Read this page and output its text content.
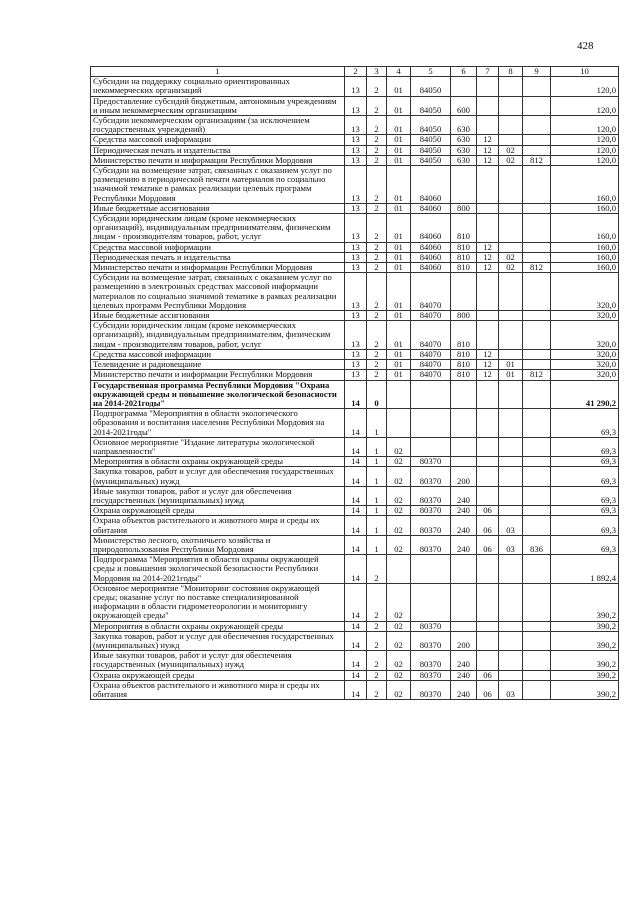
428
1	2	3	4	5	6	7	8	9	10
Субсидии на поддержку социально ориентированных некоммерческих организаций	13	2	01	84050					120,0
Предоставление субсидий бюджетным, автономным учреждениям и иным некоммерческим организациям	13	2	01	84050	600				120,0
Субсидии некоммерческим организациям (за исключением государственных учреждений)	13	2	01	84050	630				120,0
Средства массовой информации	13	2	01	84050	630	12			120,0
Периодическая печать и издательства	13	2	01	84050	630	12	02		120,0
Министерство печати и информации Республики Мордовия	13	2	01	84050	630	12	02	812	120,0
Субсидии на возмещение затрат, связанных с оказанием услуг по размещению в периодической печати материалов по социально значимой тематике в рамках реализации целевых программ Республики Мордовия	13	2	01	84060					160,0
Иные бюджетные ассигнования	13	2	01	84060	800				160,0
Субсидии юридическим лицам (кроме некоммерческих организаций), индивидуальным предпринимателям, физическим лицам - производителям товаров, работ, услуг	13	2	01	84060	810				160,0
Средства массовой информации	13	2	01	84060	810	12			160,0
Периодическая печать и издательства	13	2	01	84060	810	12	02		160,0
Министерство печати и информации Республики Мордовия	13	2	01	84060	810	12	02	812	160,0
Субсидии на возмещение затрат, связанных с оказанием услуг по размещению в электронных средствах массовой информации материалов по социально значимой тематике в рамках реализации целевых программ Республики Мордовия	13	2	01	84070					320,0
Иные бюджетные ассигнования	13	2	01	84070	800				320,0
Субсидии юридическим лицам (кроме некоммерческих организаций), индивидуальным предпринимателям, физическим лицам - производителям товаров, работ, услуг	13	2	01	84070	810				320,0
Средства массовой информации	13	2	01	84070	810	12			320,0
Телевидение и радиовещание	13	2	01	84070	810	12	01		320,0
Министерство печати и информации Республики Мордовия	13	2	01	84070	810	12	01	812	320,0
Государственная программа Республики Мордовия "Охрана окружающей среды и повышение экологической безопасности на 2014-2021годы"	14	0							41 290,2
Подпрограмма "Мероприятия в области экологического образования и воспитания населения Республики Мордовия на 2014-2021годы"	14	1							69,3
Основное мероприятие "Издание литературы экологической направленности"	14	1	02						69,3
Мероприятия в области охраны окружающей среды	14	1	02	80370					69,3
Закупка товаров, работ и услуг для обеспечения государственных (муниципальных) нужд	14	1	02	80370	200				69,3
Иные закупки товаров, работ и услуг для обеспечения государственных (муниципальных) нужд	14	1	02	80370	240				69,3
Охрана окружающей среды	14	1	02	80370	240	06			69,3
Охрана объектов растительного и животного мира и среды их обитания	14	1	02	80370	240	06	03		69,3
Министерство лесного, охотничьего хозяйства и природопользования Республики Мордовия	14	1	02	80370	240	06	03	836	69,3
Подпрограмма "Мероприятия в области охраны окружающей среды и повышения экологической безопасности Республики Мордовия на 2014-2021годы"	14	2							1 892,4
Основное мероприятие "Мониторинг состояния окружающей среды; оказание услуг по поставке специализированной информации в области гидрометеорологии и мониторингу окружающей среды"	14	2	02						390,2
Мероприятия в области охраны окружающей среды	14	2	02	80370					390,2
Закупка товаров, работ и услуг для обеспечения государственных (муниципальных) нужд	14	2	02	80370	200				390,2
Иные закупки товаров, работ и услуг для обеспечения государственных (муниципальных) нужд	14	2	02	80370	240				390,2
Охрана окружающей среды	14	2	02	80370	240	06			390,2
Охрана объектов растительного и животного мира и среды их обитания	14	2	02	80370	240	06	03		390,2
